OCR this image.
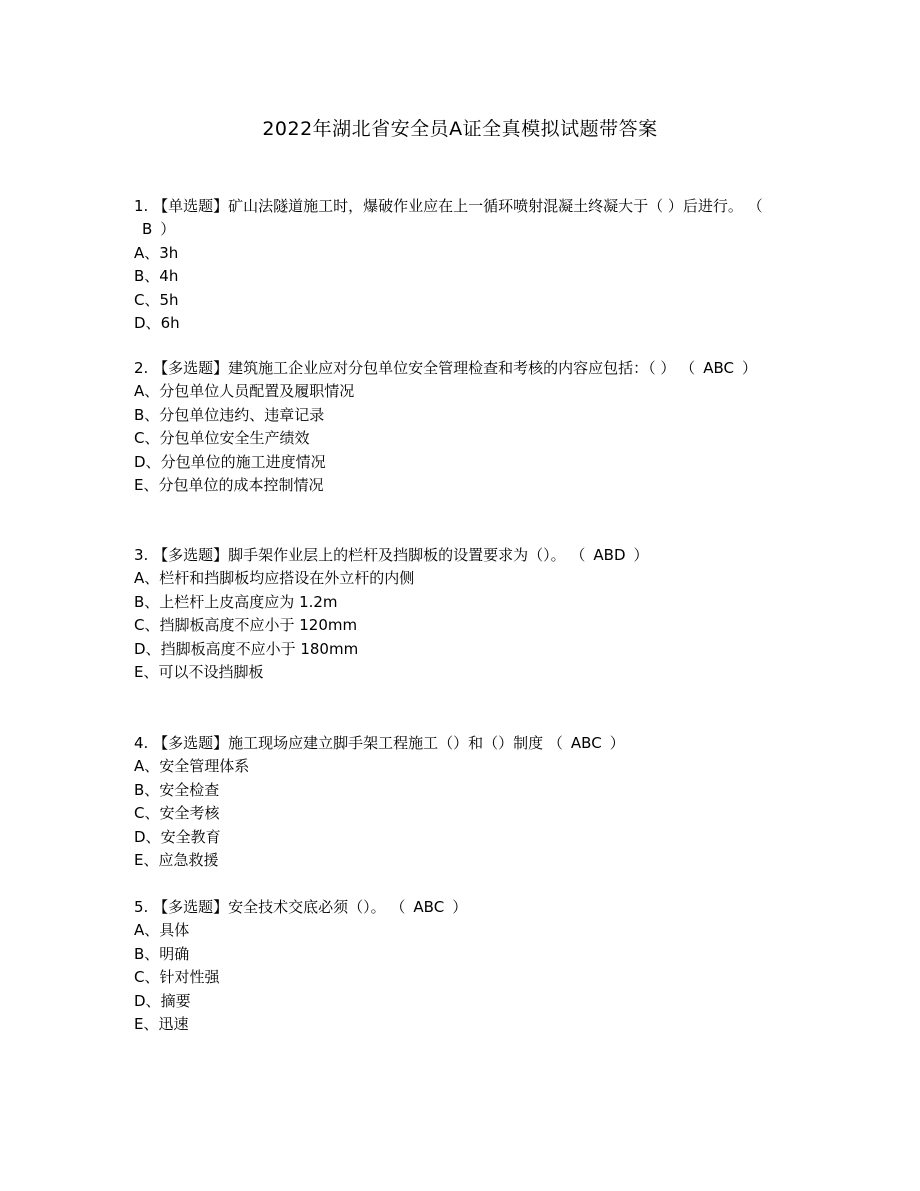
2022年湖北省安全员A证全真模拟试题带答案
1. 【单选题】矿山法隧道施工时，爆破作业应在上一循环喷射混凝土终凝大于（ ）后进行。 （B ）
A、3h
B、4h
C、5h
D、6h
2. 【多选题】建筑施工企业应对分包单位安全管理检查和考核的内容应包括：（ ） （ ABC ）
A、分包单位人员配置及履职情况
B、分包单位违约、违章记录
C、分包单位安全生产绩效
D、分包单位的施工进度情况
E、分包单位的成本控制情况
3. 【多选题】脚手架作业层上的栏杆及挡脚板的设置要求为（）。 （ ABD ）
A、栏杆和挡脚板均应搭设在外立杆的内侧
B、上栏杆上皮高度应为 1.2m
C、挡脚板高度不应小于 120mm
D、挡脚板高度不应小于 180mm
E、可以不设挡脚板
4. 【多选题】施工现场应建立脚手架工程施工（）和（）制度 （ ABC ）
A、安全管理体系
B、安全检查
C、安全考核
D、安全教育
E、应急救援
5. 【多选题】安全技术交底必须（）。 （ ABC ）
A、具体
B、明确
C、针对性强
D、摘要
E、迅速
